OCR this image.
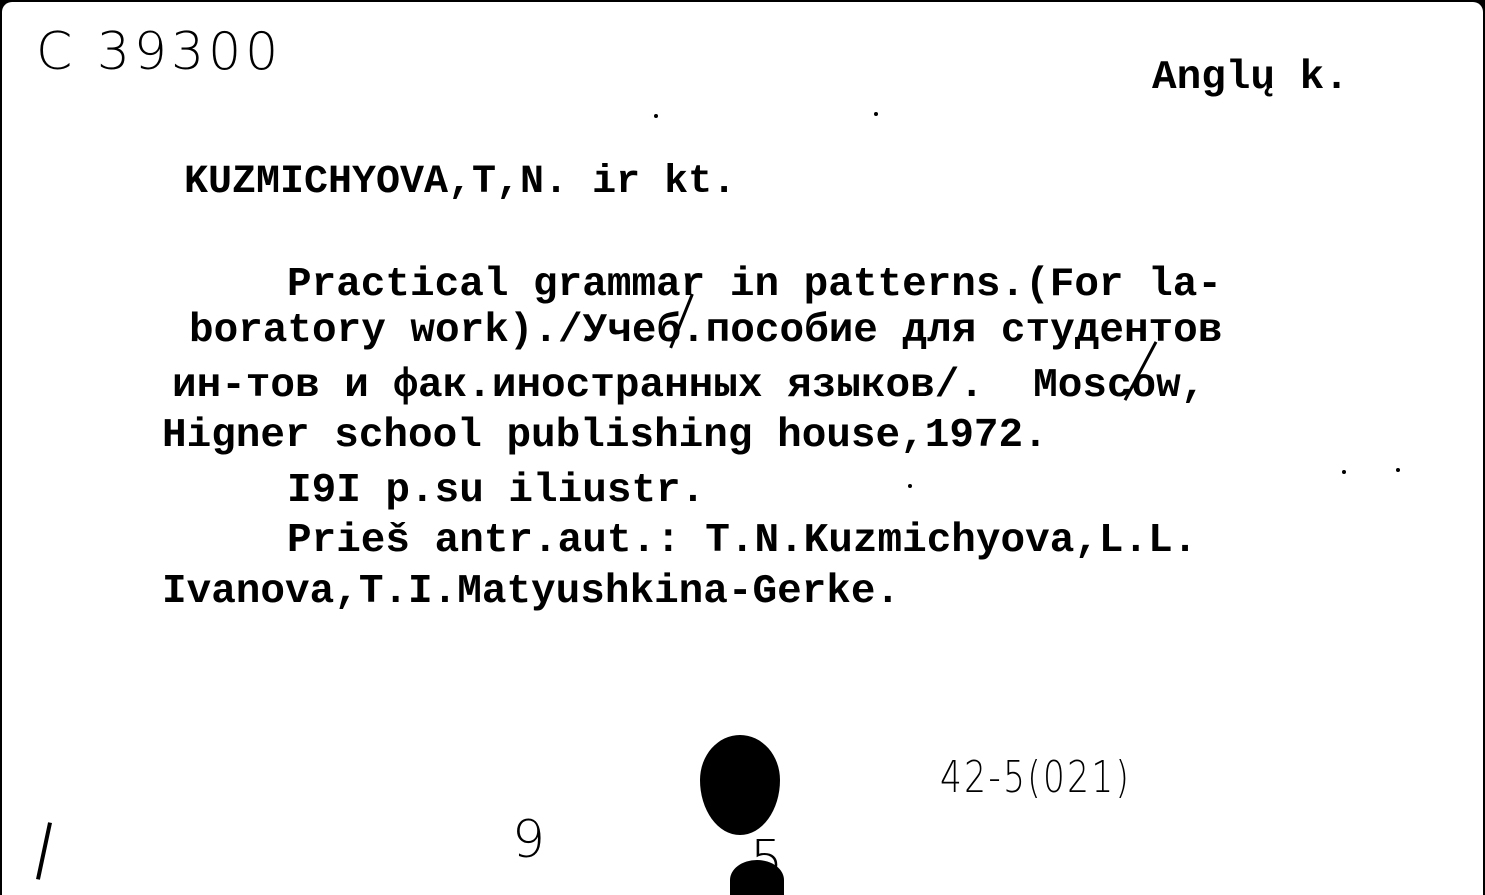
C 39300	Anglų k.
KUZMICHYOVA,T,N. ir kt.
Practical grammar in patterns.(For la-
boratory work)./Учеб.пособие для студентов
ин-тов и фак.иностранных языков/.  Moscow,
Higner school publishing house,1972.
I9I p.su iliustr.
Prieš antr.aut.: T.N.Kuzmichyova,L.L.
Ivanova,T.I.Matyushkina-Gerke.
42-5(021)
9	5
